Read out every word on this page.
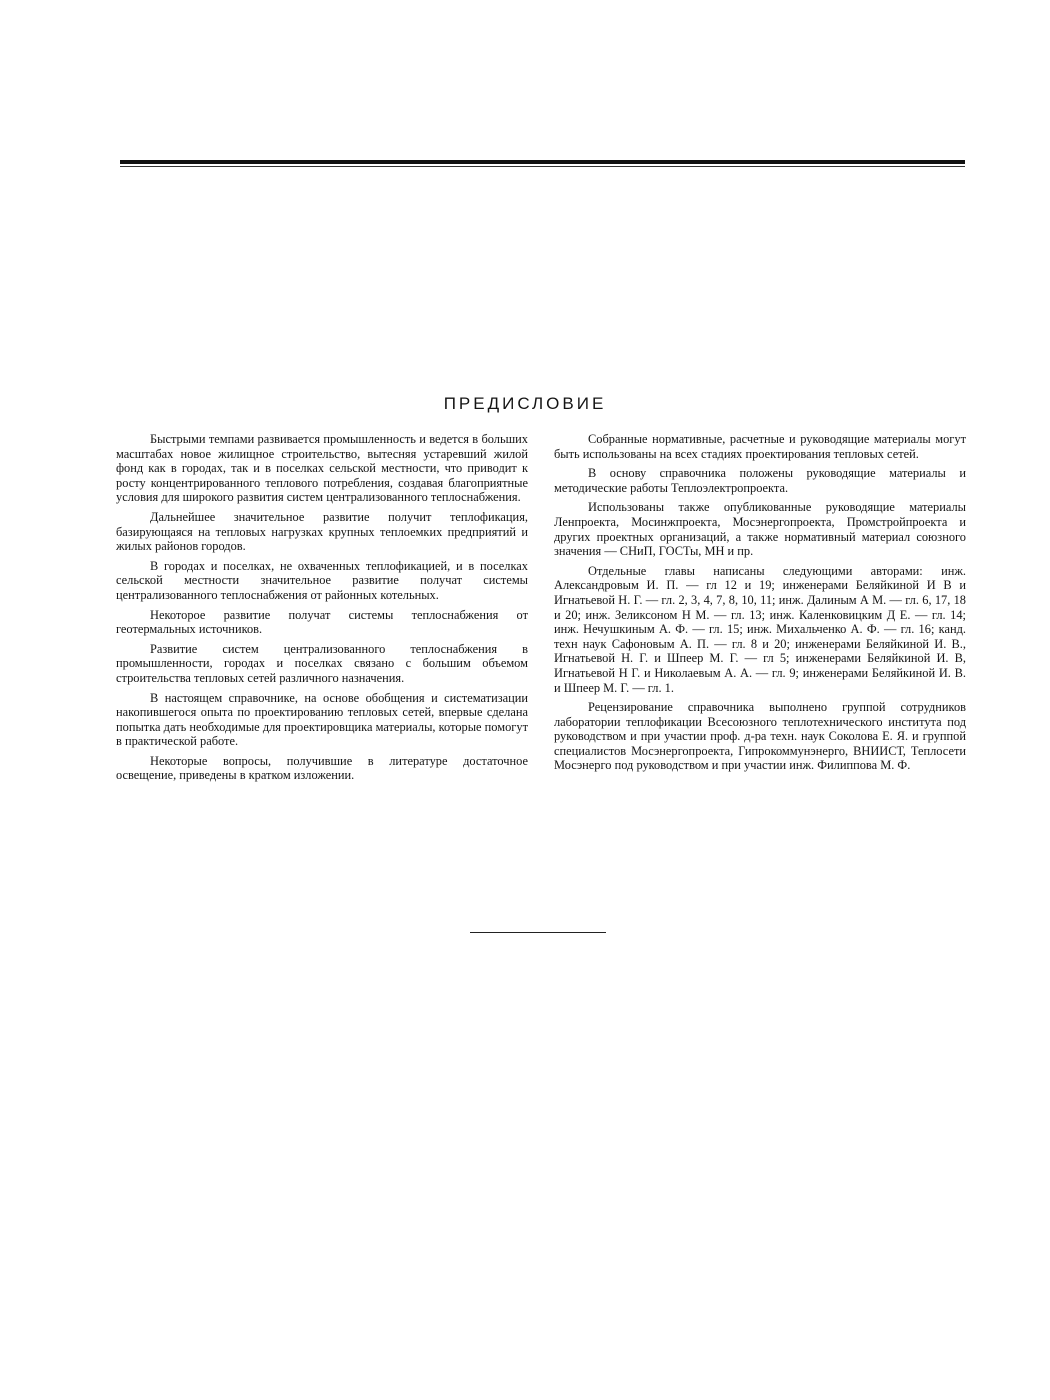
ПРЕДИСЛОВИЕ

Быстрыми темпами развивается промышленность и ведется в больших масштабах новое жилищное строительство, вытесняя устаревший жилой фонд как в городах, так и в поселках сельской местности, что приводит к росту концентрированного теплового потребления, создавая благоприятные условия для широкого развития систем централизованного теплоснабжения.

Дальнейшее значительное развитие получит теплофикация, базирующаяся на тепловых нагрузках крупных теплоемких предприятий и жилых районов городов.

В городах и поселках, не охваченных теплофикацией, и в поселках сельской местности значительное развитие получат системы централизованного теплоснабжения от районных котельных.

Некоторое развитие получат системы теплоснабжения от геотермальных источников.

Развитие систем централизованного теплоснабжения в промышленности, городах и поселках связано с большим объемом строительства тепловых сетей различного назначения.

В настоящем справочнике, на основе обобщения и систематизации накопившегося опыта по проектированию тепловых сетей, впервые сделана попытка дать необходимые для проектировщика материалы, которые помогут в практической работе.

Некоторые вопросы, получившие в литературе достаточное освещение, приведены в кратком изложении.

Собранные нормативные, расчетные и руководящие материалы могут быть использованы на всех стадиях проектирования тепловых сетей.

В основу справочника положены руководящие материалы и методические работы Теплоэлектропроекта.

Использованы также опубликованные руководящие материалы Ленпроекта, Мосинжпроекта, Мосэнергопроекта, Промстройпроекта и других проектных организаций, а также нормативный материал союзного значения — СНиП, ГОСТы, МН и пр.

Отдельные главы написаны следующими авторами: инж. Александровым И. П. — гл 12 и 19; инженерами Беляйкиной И В и Игнатьевой Н. Г. — гл. 2, 3, 4, 7, 8, 10, 11; инж. Далиным А М. — гл. 6, 17, 18 и 20; инж. Зеликсоном Н М. — гл. 13; инж. Каленковицким Д Е. — гл. 14; инж. Нечушкиным А. Ф. — гл. 15; инж. Михальченко А. Ф. — гл. 16; канд. техн наук Сафоновым А. П. — гл. 8 и 20; инженерами Беляйкиной И. В., Игнатьевой Н. Г. и Шпеер М. Г. — гл 5; инженерами Беляйкиной И. В, Игнатьевой Н Г. и Николаевым А. А. — гл. 9; инженерами Беляйкиной И. В. и Шпеер М. Г. — гл. 1.

Рецензирование справочника выполнено группой сотрудников лаборатории теплофикации Всесоюзного теплотехнического института под руководством и при участии проф. д-ра техн. наук Соколова Е. Я. и группой специалистов Мосэнергопроекта, Гипрокоммунэнерго, ВНИИСТ, Теплосети Мосэнерго под руководством и при участии инж. Филиппова М. Ф.
